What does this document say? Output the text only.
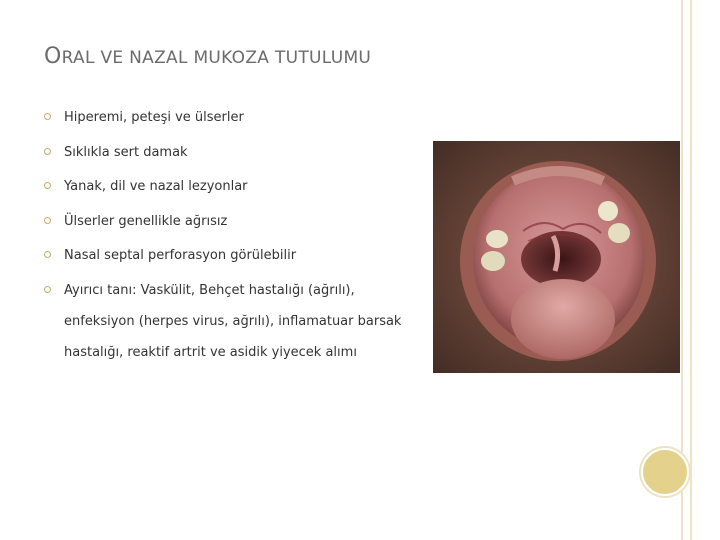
ORAL VE NAZAL MUKOZA TUTULUMU
Hiperemi, peteşi ve ülserler
Sıklıkla sert damak
Yanak, dil ve nazal lezyonlar
Ülserler genellikle ağrısız
Nasal septal perforasyon görülebilir
Ayırıcı tanı: Vaskülit, Behçet hastalığı (ağrılı), enfeksiyon (herpes virus, ağrılı), inflamatuar barsak hastalığı, reaktif artrit ve asidik yiyecek alımı
